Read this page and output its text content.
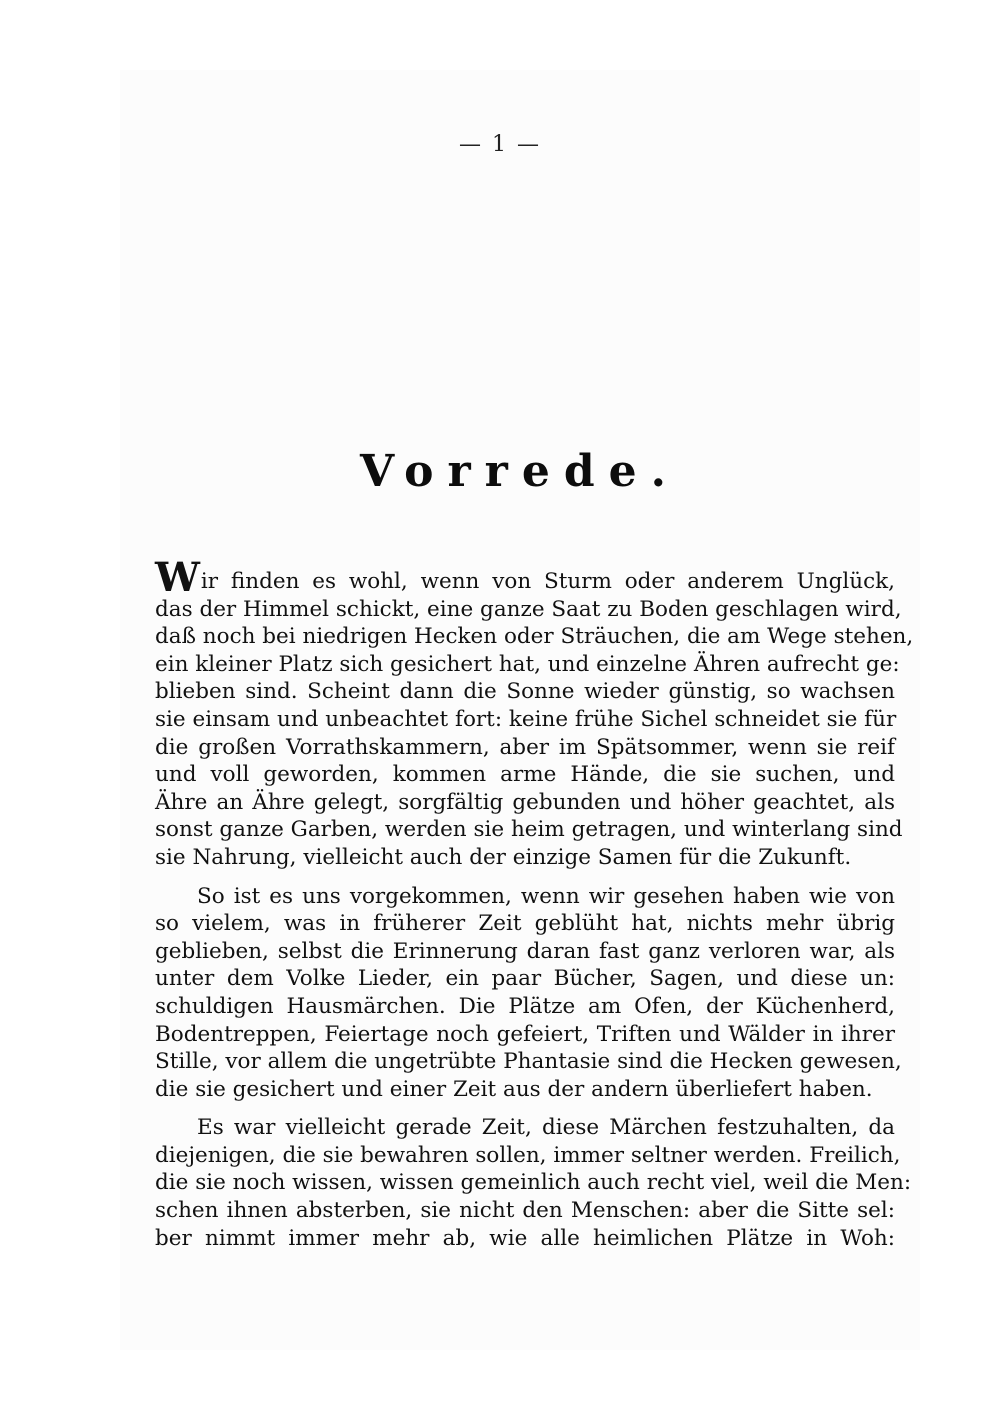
— 1 —
Vorrede.
Wir finden es wohl, wenn von Sturm oder anderem Unglück,
das der Himmel schickt, eine ganze Saat zu Boden geschlagen wird,
daß noch bei niedrigen Hecken oder Sträuchen, die am Wege stehen,
ein kleiner Platz sich gesichert hat, und einzelne Ähren aufrecht ge:
blieben sind. Scheint dann die Sonne wieder günstig, so wachsen
sie einsam und unbeachtet fort: keine frühe Sichel schneidet sie für
die großen Vorrathskammern, aber im Spätsommer, wenn sie reif
und voll geworden, kommen arme Hände, die sie suchen, und
Ähre an Ähre gelegt, sorgfältig gebunden und höher geachtet, als
sonst ganze Garben, werden sie heim getragen, und winterlang sind
sie Nahrung, vielleicht auch der einzige Samen für die Zukunft.
So ist es uns vorgekommen, wenn wir gesehen haben wie von
so vielem, was in früherer Zeit geblüht hat, nichts mehr übrig
geblieben, selbst die Erinnerung daran fast ganz verloren war, als
unter dem Volke Lieder, ein paar Bücher, Sagen, und diese un:
schuldigen Hausmärchen. Die Plätze am Ofen, der Küchenherd,
Bodentreppen, Feiertage noch gefeiert, Triften und Wälder in ihrer
Stille, vor allem die ungetrübte Phantasie sind die Hecken gewesen,
die sie gesichert und einer Zeit aus der andern überliefert haben.
Es war vielleicht gerade Zeit, diese Märchen festzuhalten, da
diejenigen, die sie bewahren sollen, immer seltner werden. Freilich,
die sie noch wissen, wissen gemeinlich auch recht viel, weil die Men:
schen ihnen absterben, sie nicht den Menschen: aber die Sitte sel:
ber nimmt immer mehr ab, wie alle heimlichen Plätze in Woh:
